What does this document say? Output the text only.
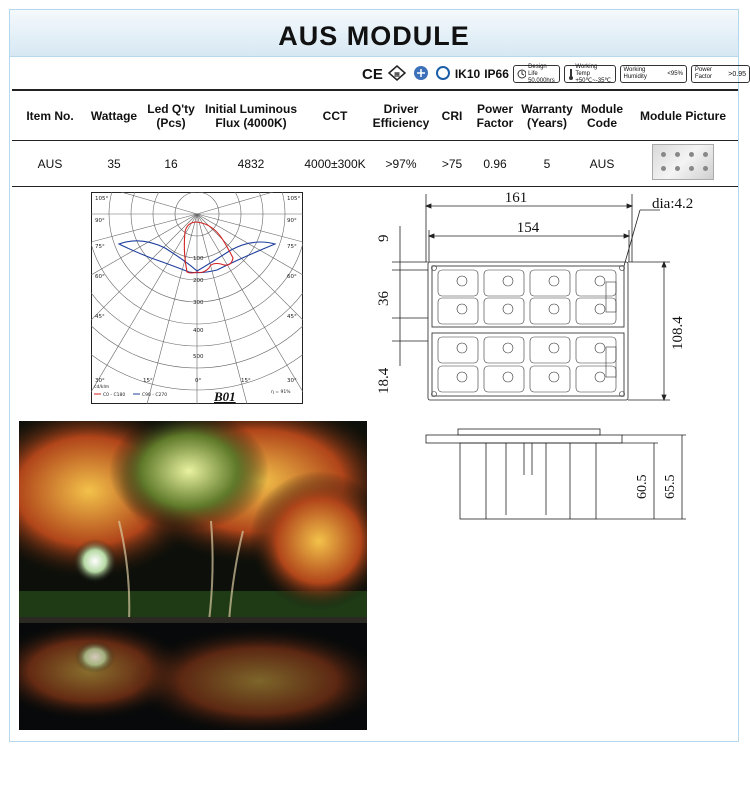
AUS MODULE
CE ▦	IK10 IP66
Design Life
50,000hrs
Working Temp
+50℃~-35℃
Working Humidity
<95%
Power Factor	>0.95
Item No.	Wattage	Led Q'ty (Pcs)	Initial Luminous Flux (4000K)	CCT	Driver Efficiency	CRI	Power Factor	Warranty (Years)	Module Code	Module Picture
AUS	35	16	4832	4000±300K	>97%	>75	0.96	5	AUS	
105°
90°
75°
60°
45°
30°	15°	0°	15°	30°
105°
90°
75°
60°
45°
100
200
300
400
500
cd/klm
C0 - C180	C90 - C270
η = 91%
B01
161
154
dia:4.2
9
36
18.4
108.4
60.5 65.5
